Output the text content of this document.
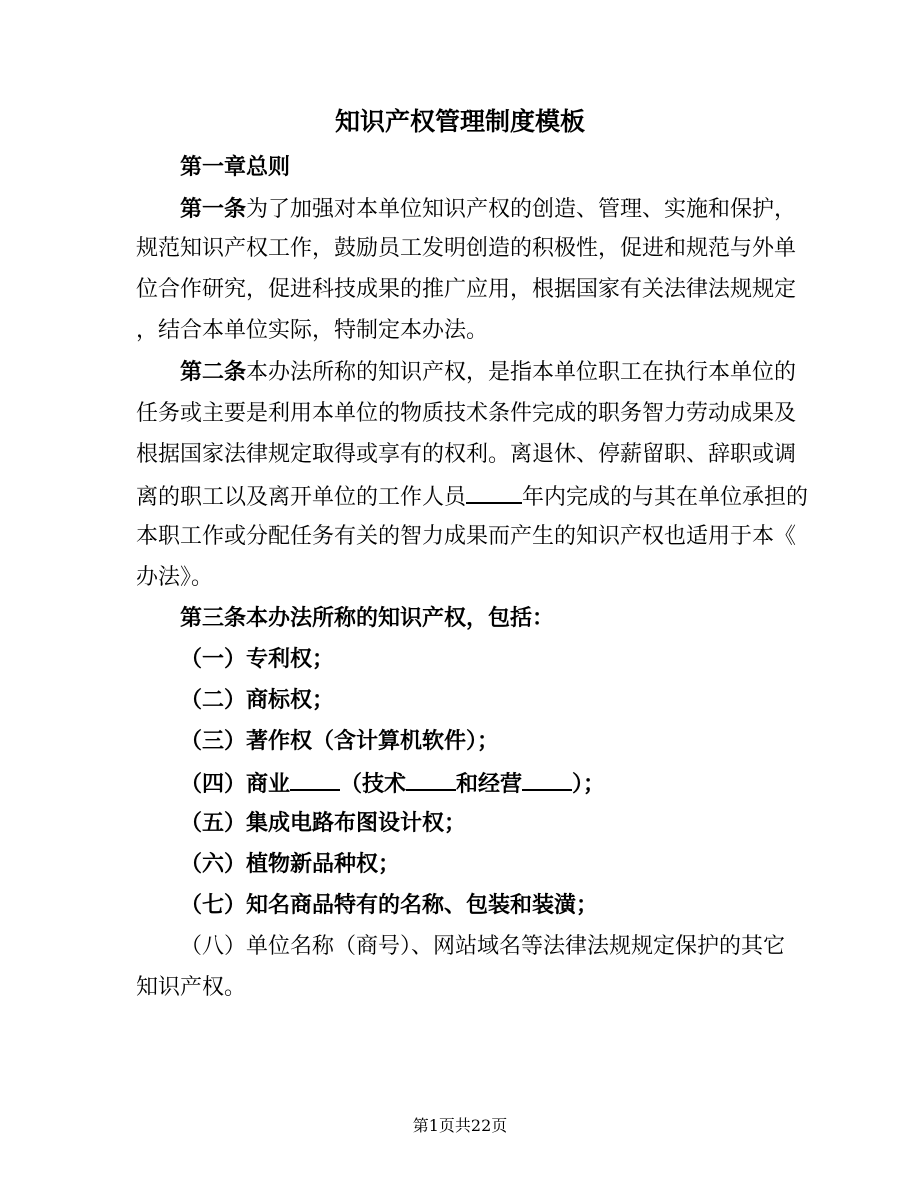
知识产权管理制度模板
第一章总则
第一条为了加强对本单位知识产权的创造、管理、实施和保护，
规范知识产权工作，鼓励员工发明创造的积极性，促进和规范与外单
位合作研究，促进科技成果的推广应用，根据国家有关法律法规规定
，结合本单位实际，特制定本办法。
第二条本办法所称的知识产权，是指本单位职工在执行本单位的
任务或主要是利用本单位的物质技术条件完成的职务智力劳动成果及
根据国家法律规定取得或享有的权利。离退休、停薪留职、辞职或调
离的职工以及离开单位的工作人员	年内完成的与其在单位承担的
本职工作或分配任务有关的智力成果而产生的知识产权也适用于本《
办法》。
第三条本办法所称的知识产权，包括：
（一）专利权；
（二）商标权；
（三）著作权（含计算机软件）；
（四）商业 （技术 和经营 ）；
（五）集成电路布图设计权；
（六）植物新品种权；
（七）知名商品特有的名称、包装和装潢；
（八）单位名称（商号）、网站域名等法律法规规定保护的其它
知识产权。
第1页共22页
